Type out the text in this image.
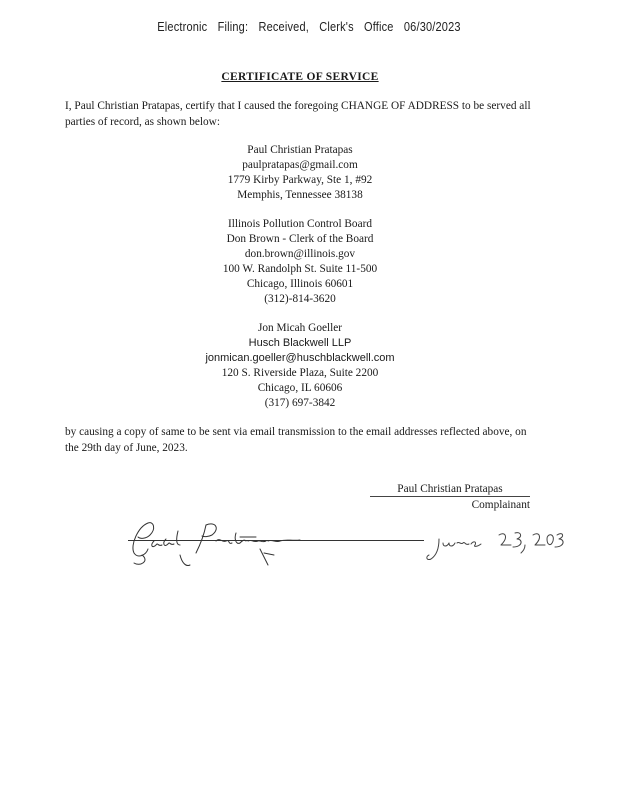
Electronic Filing: Received, Clerk's Office 06/30/2023
CERTIFICATE OF SERVICE
I, Paul Christian Pratapas, certify that I caused the foregoing CHANGE OF ADDRESS to be served all parties of record, as shown below:
Paul Christian Pratapas
paulpratapas@gmail.com
1779 Kirby Parkway, Ste 1, #92
Memphis, Tennessee 38138
Illinois Pollution Control Board
Don Brown - Clerk of the Board
don.brown@illinois.gov
100 W. Randolph St. Suite 11-500
Chicago, Illinois 60601
(312)-814-3620
Jon Micah Goeller
Husch Blackwell LLP
jonmican.goeller@huschblackwell.com
120 S. Riverside Plaza, Suite 2200
Chicago, IL 60606
(317) 697-3842
by causing a copy of same to be sent via email transmission to the email addresses reflected above, on the 29th day of June, 2023.
Paul Christian Pratapas
Complainant
